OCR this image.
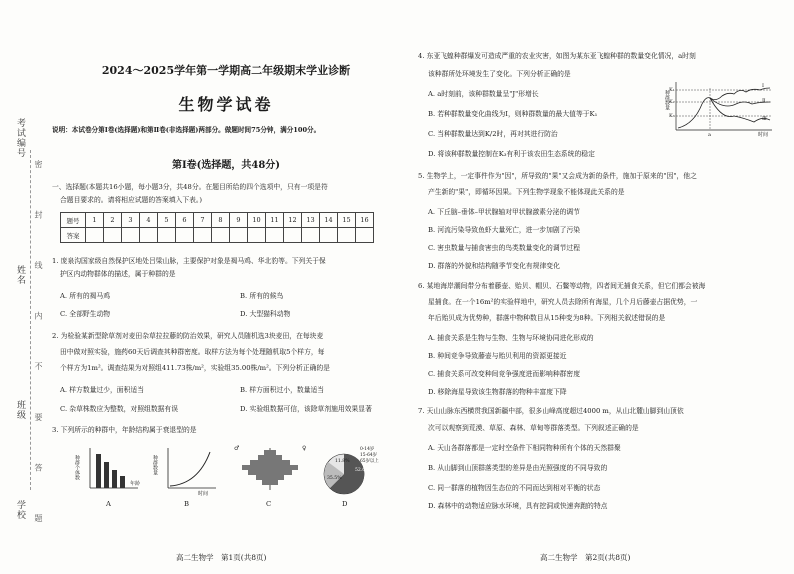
考试编号
姓名
班级
学校 密 封 线 内 不 要 答 题
2024～2025学年第一学期高二年级期末学业诊断
生物学试卷
说明：本试卷分第Ⅰ卷(选择题)和第Ⅱ卷(非选择题)两部分。做题时间75分钟，满分100分。
第Ⅰ卷(选择题，共48分)
一、选择题(本题共16小题，每小题3分，共48分。在题目所给的四个选项中，只有一项是符
合题目要求的。请将相应试题的答案填入下表。)
题号	1	2	3	4	5	6	7	8	9	10	11	12	13	14	15	16
答案																
1. 庞泉沟国家级自然保护区地处吕梁山脉，主要保护对象是褐马鸡、华北豹等。下列关于保
护区内动物群体的描述，属于种群的是
A. 所有的褐马鸡	B. 所有的候鸟
C. 全部野生动物	D. 大型猫科动物
2. 为检验某新型除草剂对麦田杂草拉拉藤的防治效果，研究人员随机选3块麦田，在每块麦
田中做对照实验，施药60天后调查其种群密度。取样方法为每个处理随机取5个样方，每
个样方为1m²。调查结果为对照组411.73株/m²，实验组35.00株/m²。下列分析正确的是
A. 样方数量过少，面积适当	B. 样方面积过小，数量适当
C. 杂草株数应为整数，对照组数据有误	D. 实验组数据可信，该除草剂施用效果显著
3. 下列所示的种群中，年龄结构属于衰退型的是
种群个体数
年龄
A
种群数量
时间
B
♂	♀
C
52.6%
35.5%
11.8%
0-14岁
15-64岁
65岁以上
D
高二生物学　第1页(共8页)
4. 东亚飞蝗种群爆发可造成严重的农业灾害，如图为某东亚飞蝗种群的数量变化情况，a时刻
该种群所处环境发生了变化。下列分析正确的是
A. a时刻前，该种群数量呈"J"形增长
B. 若种群数量变化曲线为Ⅰ，则种群数量的最大值等于K₁
C. 当种群数量达到K/2时，再对其进行防治
D. 将该种群数量控制在K₃有利于该农田生态系统的稳定
种群数量 K₁
K₂
K₃
a	时间
Ⅰ
Ⅱ
Ⅲ
5. 生物学上，一定事件作为"因"，所导致的"果"又会成为新的条件，施加于原来的"因"，他之
产生新的"果"，即循环因果。下列生物学现象不能体现此关系的是
A. 下丘脑–垂体–甲状腺轴对甲状腺激素分泌的调节
B. 河流污染导致鱼虾大量死亡，进一步加剧了污染
C. 害虫数量与捕食害虫的鸟类数量变化的调节过程
D. 群落的外貌和结构随季节变化有规律变化
6. 某地海岸潮间带分布着藤壶、贻贝、帽贝、石鳖等动物，四者间无捕食关系，但它们都会被海
星捕食。在一个16m²的实验样地中，研究人员去除所有海星，几个月后藤壶占据优势，一
年后贻贝成为优势种，群落中物种数目从15种变为8种。下列相关叙述错误的是
A. 捕食关系是生物与生物、生物与环境协同进化形成的
B. 种间竞争导致藤壶与贻贝利用的资源更接近
C. 捕食关系可改变种间竞争强度进而影响种群密度
D. 移除海星导致该生物群落的物种丰富度下降
7. 天山山脉东西横贯我国新疆中部，很多山峰高度超过4000 m，从山北麓山脚到山顶依
次可以观察到荒漠、草原、森林、草甸等群落类型。下列叙述正确的是
A. 天山各群落都是一定时空条件下相同物种所有个体的天然群聚
B. 从山脚到山顶群落类型的差异是由光照强度的不同导致的
C. 同一群落的植物因生态位的不同而达到相对平衡的状态
D. 森林中的动物适应脉水环境，具有挖洞或快速奔跑的特点
高二生物学　第2页(共8页)
